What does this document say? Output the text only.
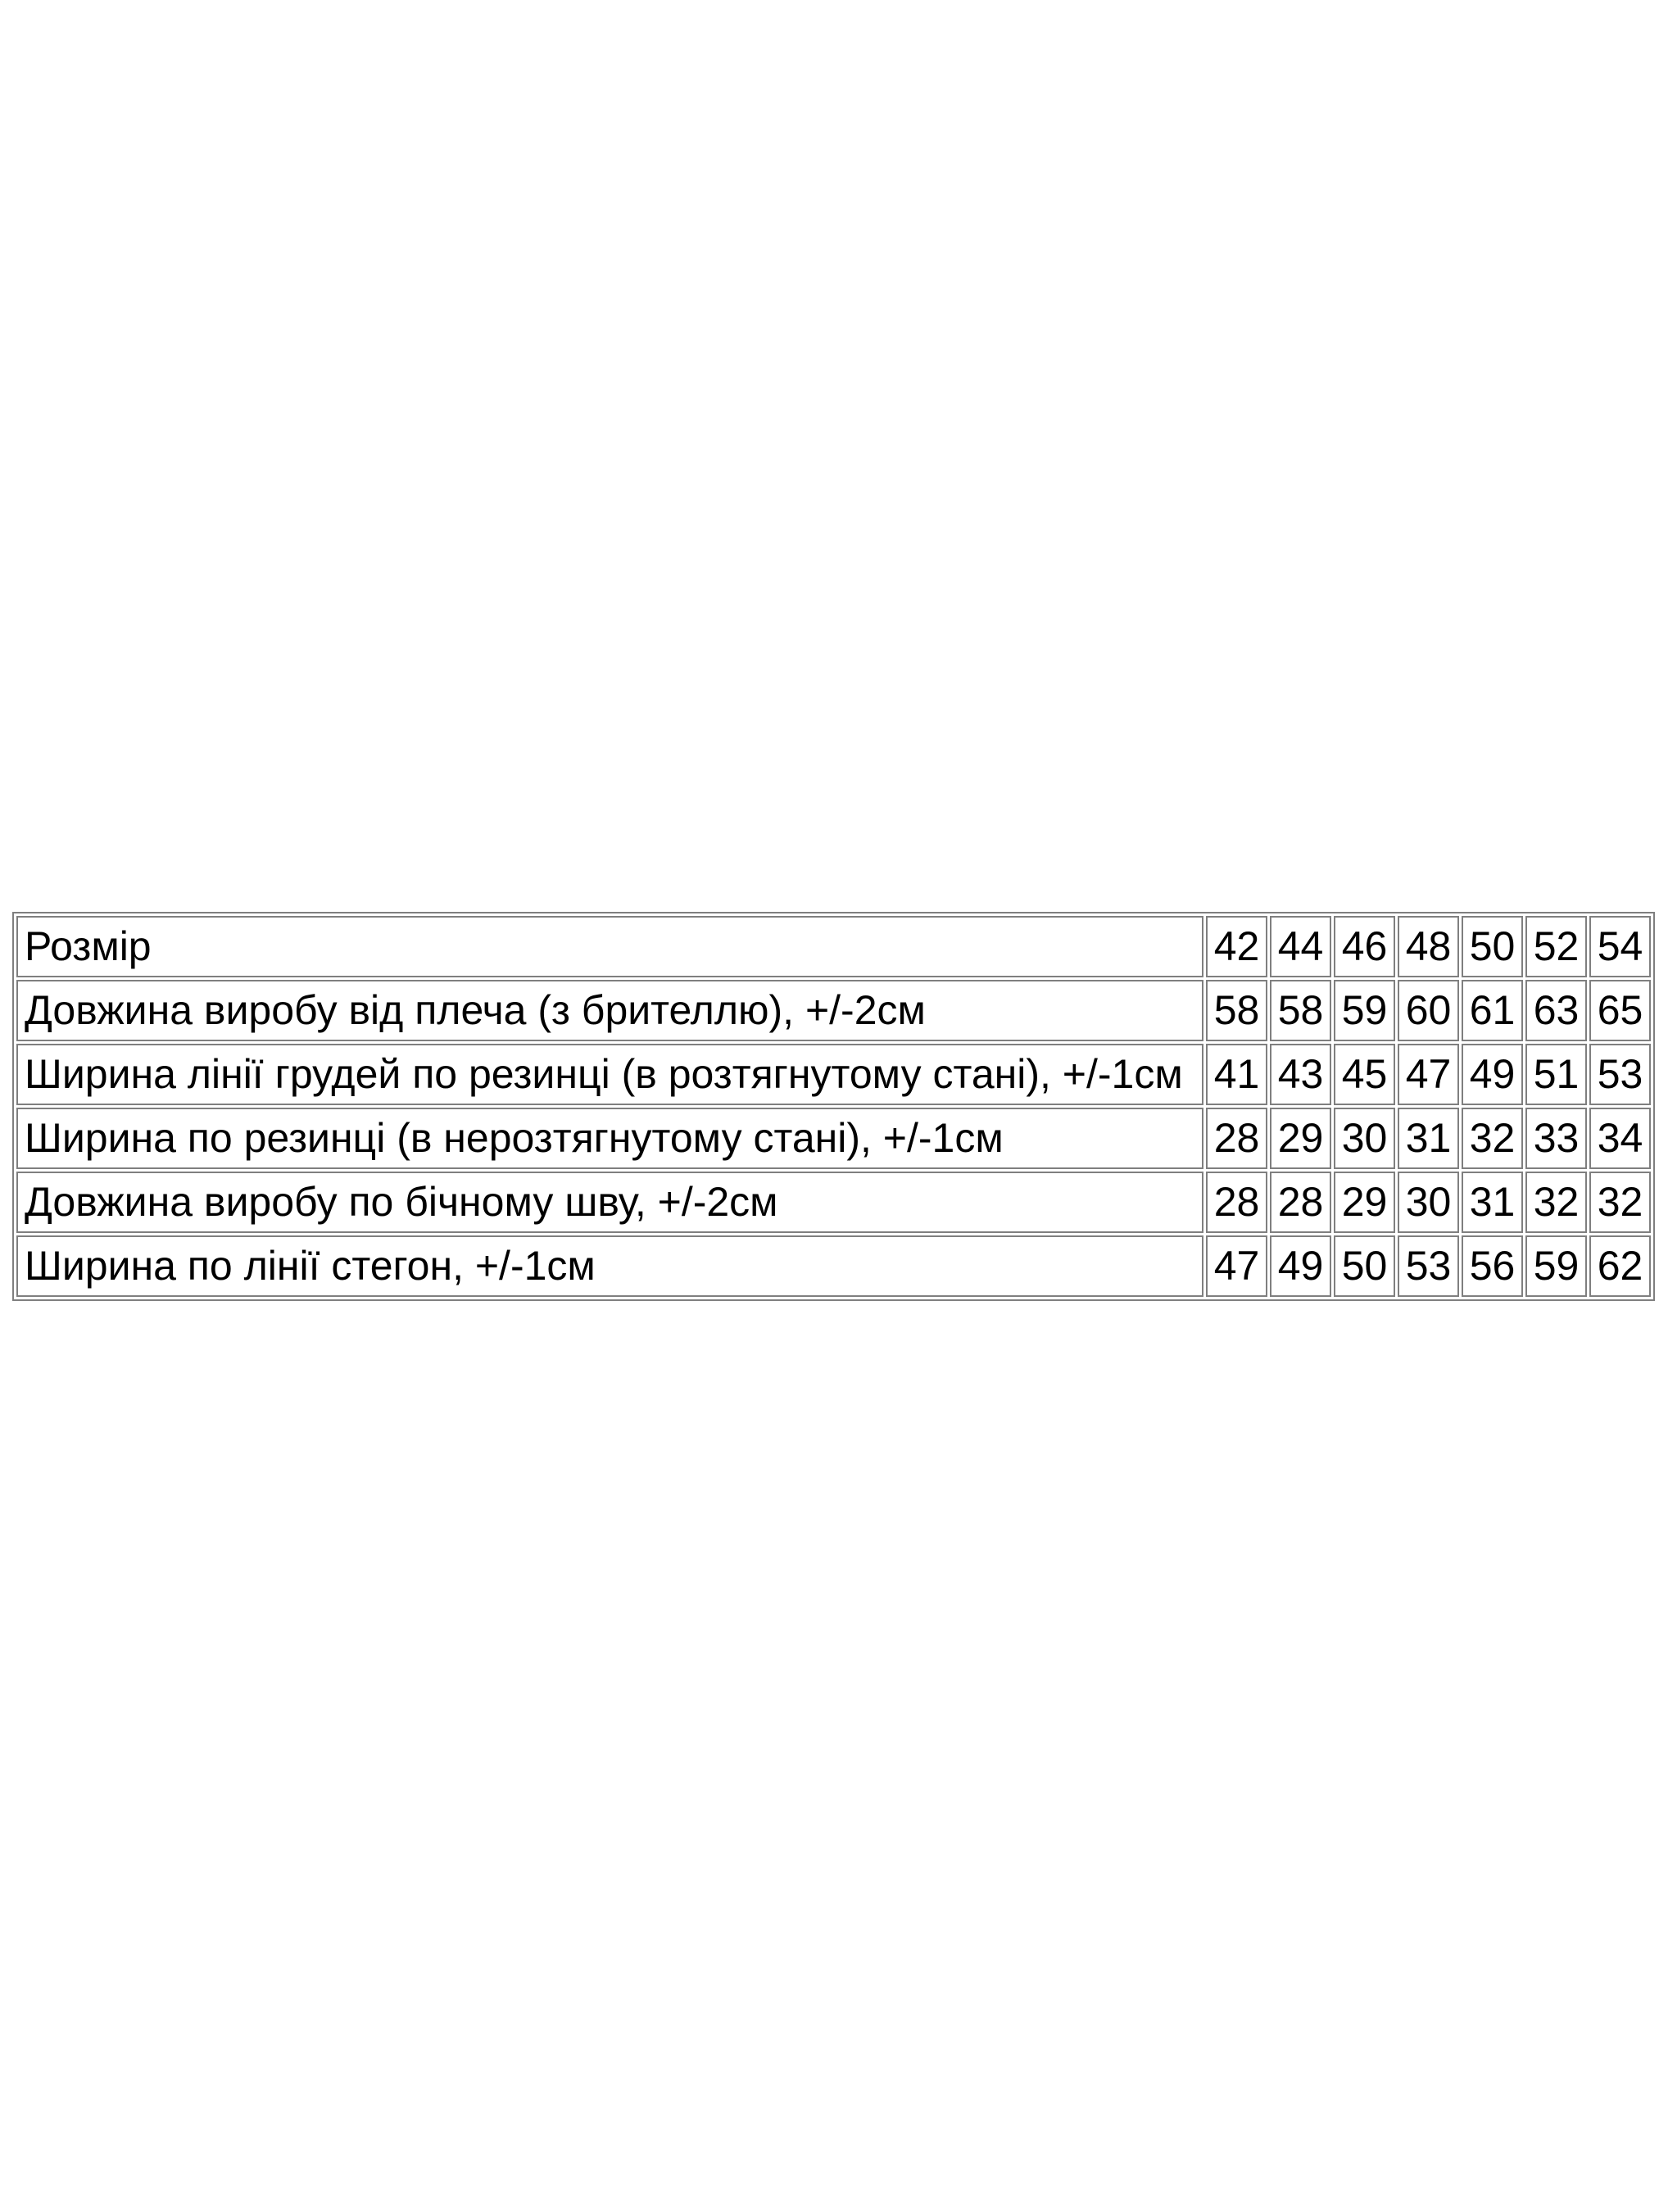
Розмір	42	44	46	48	50	52	54
Довжина виробу від плеча (з брителлю), +/-2см	58	58	59	60	61	63	65
Ширина лінії грудей по резинці (в розтягнутому стані), +/-1см	41	43	45	47	49	51	53
Ширина по резинці (в нерозтягнутому стані), +/-1см	28	29	30	31	32	33	34
Довжина виробу по бічному шву, +/-2см	28	28	29	30	31	32	32
Ширина по лінії стегон, +/-1см	47	49	50	53	56	59	62
